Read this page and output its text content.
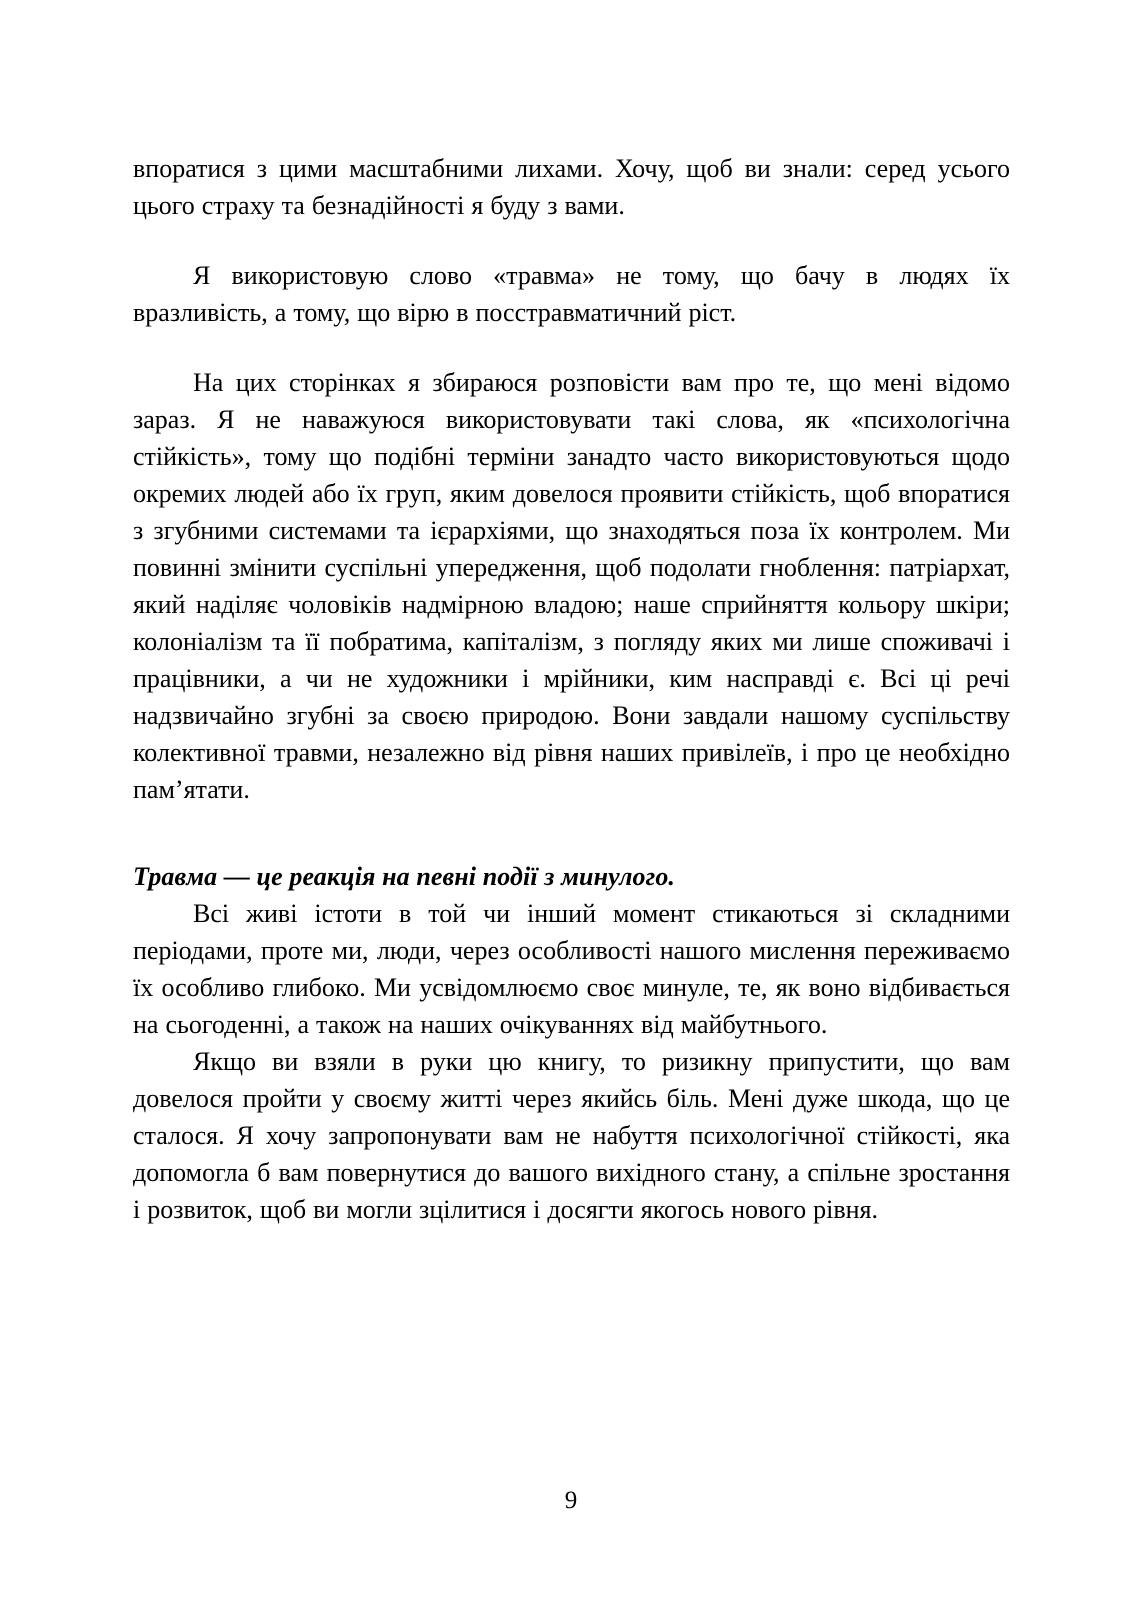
впоратися з цими масштабними лихами. Хочу, щоб ви знали: серед усього цього страху та безнадійності я буду з вами.

Я використовую слово «травма» не тому, що бачу в людях їх вразливість, а тому, що вірю в посстравматичний ріст.

На цих сторінках я збираюся розповісти вам про те, що мені відомо зараз. Я не наважуюся використовувати такі слова, як «психологічна стійкість», тому що подібні терміни занадто часто використовуються щодо окремих людей або їх груп, яким довелося проявити стійкість, щоб впоратися з згубними системами та ієрархіями, що знаходяться поза їх контролем. Ми повинні змінити суспільні упередження, щоб подолати гноблення: патріархат, який наділяє чоловіків надмірною владою; наше сприйняття кольору шкіри; колоніалізм та її побратима, капіталізм, з погляду яких ми лише споживачі і працівники, а чи не художники і мрійники, ким насправді є. Всі ці речі надзвичайно згубні за своєю природою. Вони завдали нашому суспільству колективної травми, незалежно від рівня наших привілеїв, і про це необхідно пам’ятати.

Травма — це реакція на певні події з минулого.

Всі живі істоти в той чи інший момент стикаються зі складними періодами, проте ми, люди, через особливості нашого мислення переживаємо їх особливо глибоко. Ми усвідомлюємо своє минуле, те, як воно відбивається на сьогоденні, а також на наших очікуваннях від майбутнього.

Якщо ви взяли в руки цю книгу, то ризикну припустити, що вам довелося пройти у своєму житті через якийсь біль. Мені дуже шкода, що це сталося. Я хочу запропонувати вам не набуття психологічної стійкості, яка допомогла б вам повернутися до вашого вихідного стану, а спільне зростання і розвиток, щоб ви могли зцілитися і досягти якогось нового рівня.

9
